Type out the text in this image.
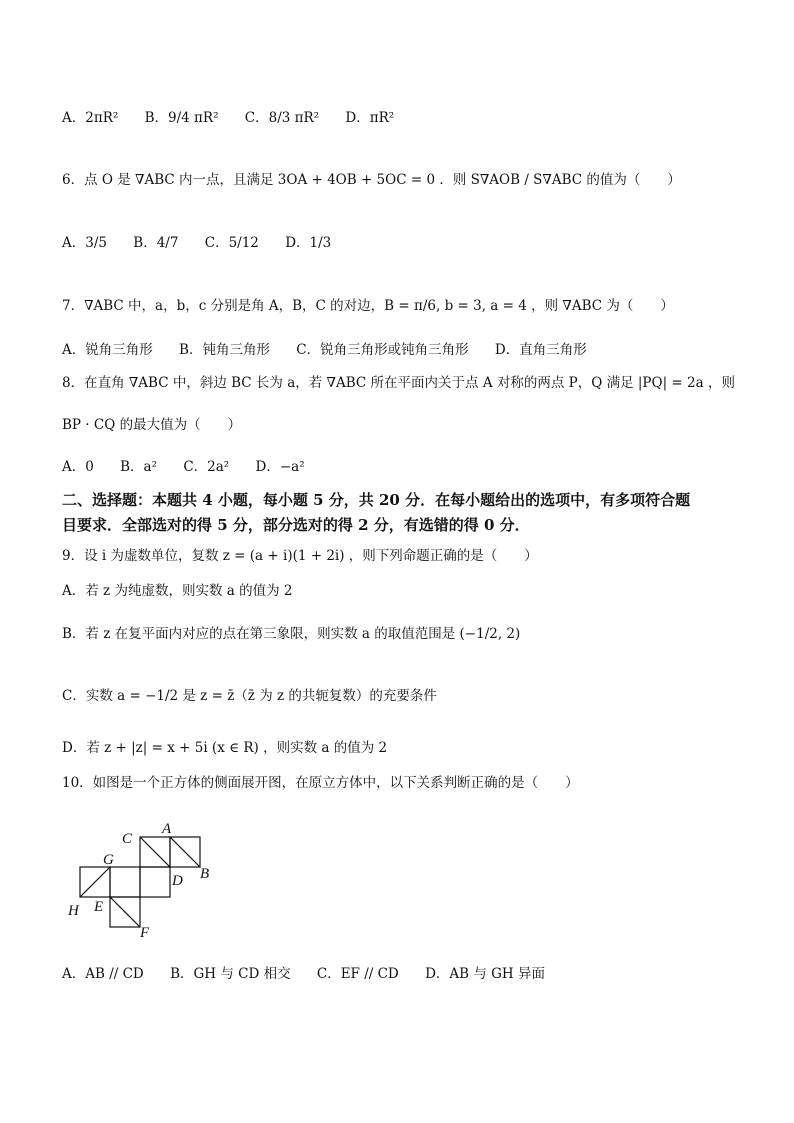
A．2πR² B．9/4 πR² C．8/3 πR² D．πR²
6．点 O 是 ∇ABC 内一点，且满足 3OA + 4OB + 5OC = 0 ．则 S∇AOB / S∇ABC 的值为（　　）
A．3/5 B．4/7 C．5/12 D．1/3
7．∇ABC 中，a，b，c 分别是角 A，B，C 的对边，B = π/6, b = 3, a = 4 ，则 ∇ABC 为（　　）
A．锐角三角形 B．钝角三角形 C．锐角三角形或钝角三角形 D．直角三角形
8．在直角 ∇ABC 中，斜边 BC 长为 a，若 ∇ABC 所在平面内关于点 A 对称的两点 P，Q 满足 |PQ| = 2a ，则
BP · CQ 的最大值为（　　）
A．0 B．a² C．2a² D．−a²
二、选择题：本题共 4 小题，每小题 5 分，共 20 分．在每小题给出的选项中，有多项符合题
目要求．全部选对的得 5 分，部分选对的得 2 分，有选错的得 0 分．
9．设 i 为虚数单位，复数 z = (a + i)(1 + 2i) ，则下列命题正确的是（　　）
A．若 z 为纯虚数，则实数 a 的值为 2
B．若 z 在复平面内对应的点在第三象限，则实数 a 的取值范围是 (−1/2, 2)
C．实数 a = −1/2 是 z = z̄（z̄ 为 z 的共轭复数）的充要条件
D．若 z + |z| = x + 5i (x ∈ R) ，则实数 a 的值为 2
10．如图是一个正方体的侧面展开图，在原立方体中，以下关系判断正确的是（　　）
C
A
G
D B
H E
F
A．AB // CD B．GH 与 CD 相交 C．EF // CD D．AB 与 GH 异面
